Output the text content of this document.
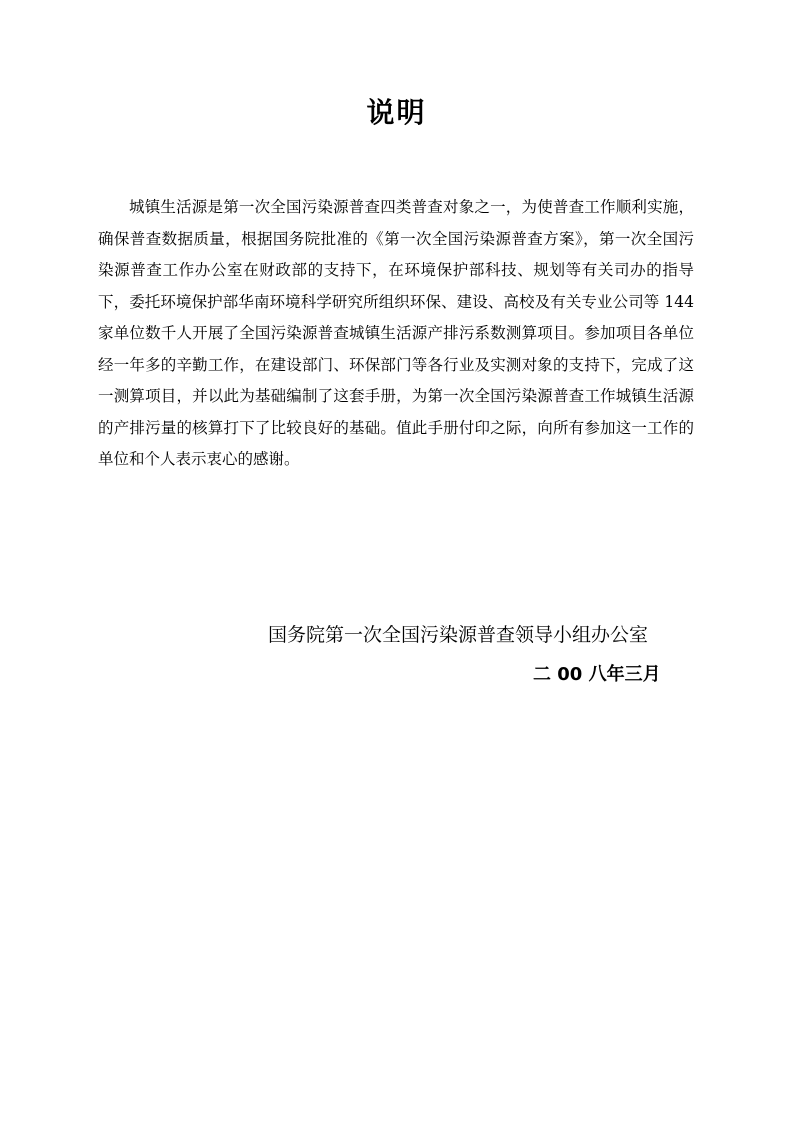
说明

城镇生活源是第一次全国污染源普查四类普查对象之一，为使普查工作顺利实施，确保普查数据质量，根据国务院批准的《第一次全国污染源普查方案》，第一次全国污染源普查工作办公室在财政部的支持下，在环境保护部科技、规划等有关司办的指导下，委托环境保护部华南环境科学研究所组织环保、建设、高校及有关专业公司等 144 家单位数千人开展了全国污染源普查城镇生活源产排污系数测算项目。参加项目各单位经一年多的辛勤工作，在建设部门、环保部门等各行业及实测对象的支持下，完成了这一测算项目，并以此为基础编制了这套手册，为第一次全国污染源普查工作城镇生活源的产排污量的核算打下了比较良好的基础。值此手册付印之际，向所有参加这一工作的单位和个人表示衷心的感谢。

国务院第一次全国污染源普查领导小组办公室
二 00 八年三月
